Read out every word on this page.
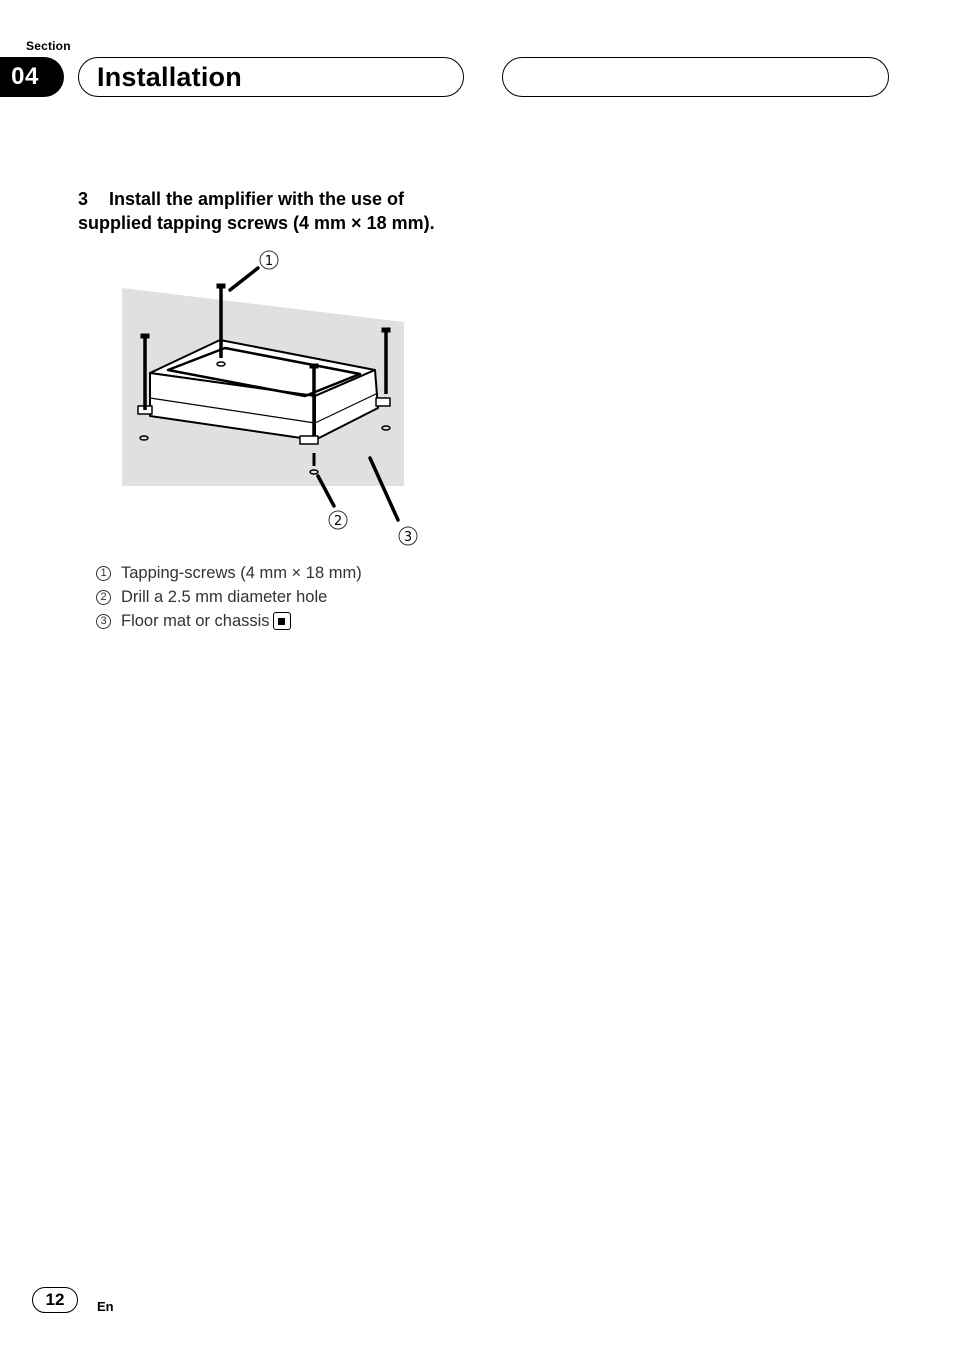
Section
04	Installation
3 Install the amplifier with the use of supplied tapping screws (4 mm × 18 mm).
1
2
3
1 Tapping-screws (4 mm × 18 mm)
2 Drill a 2.5 mm diameter hole
3 Floor mat or chassis
12	En
